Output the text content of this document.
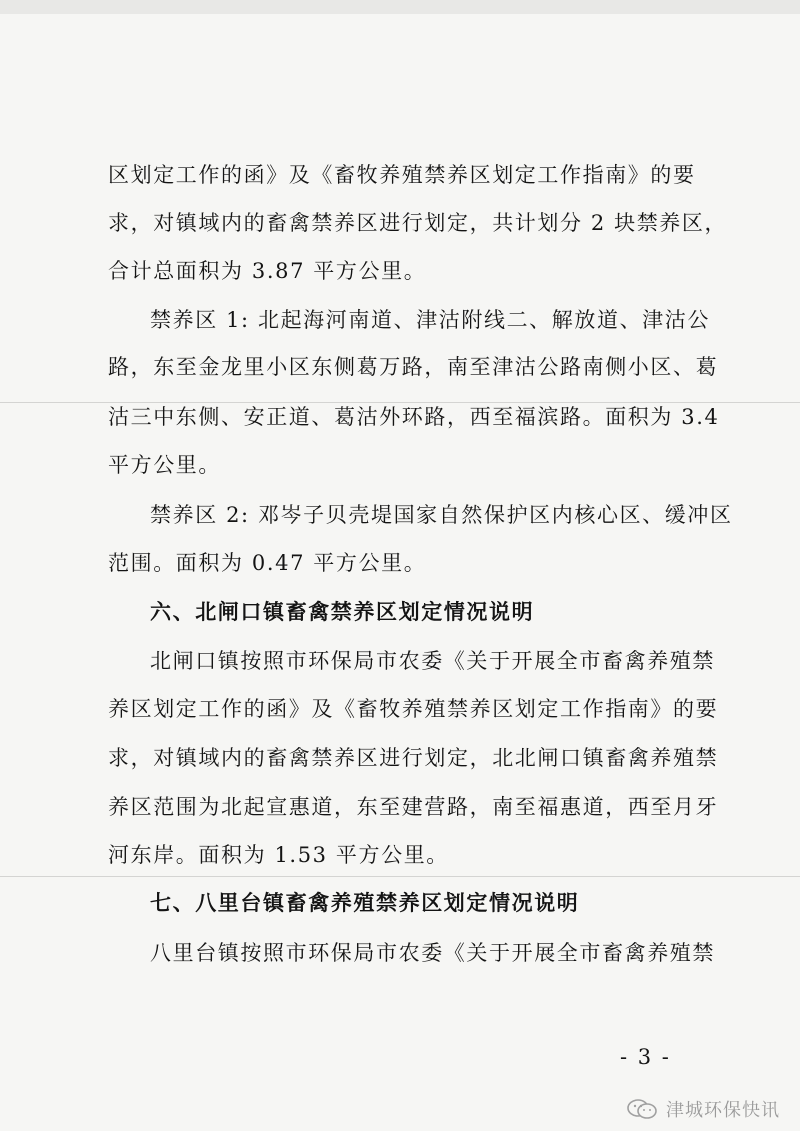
区划定工作的函》及《畜牧养殖禁养区划定工作指南》的要
求，对镇域内的畜禽禁养区进行划定，共计划分 2 块禁养区，
合计总面积为 3.87 平方公里。
禁养区 1: 北起海河南道、津沽附线二、解放道、津沽公
路，东至金龙里小区东侧葛万路，南至津沽公路南侧小区、葛
沽三中东侧、安正道、葛沽外环路，西至福滨路。面积为 3.4
平方公里。
禁养区 2: 邓岑子贝壳堤国家自然保护区内核心区、缓冲区
范围。面积为 0.47 平方公里。
六、北闸口镇畜禽禁养区划定情况说明
北闸口镇按照市环保局市农委《关于开展全市畜禽养殖禁
养区划定工作的函》及《畜牧养殖禁养区划定工作指南》的要
求，对镇域内的畜禽禁养区进行划定，北北闸口镇畜禽养殖禁
养区范围为北起宣惠道，东至建营路，南至福惠道，西至月牙
河东岸。面积为 1.53 平方公里。
七、八里台镇畜禽养殖禁养区划定情况说明
八里台镇按照市环保局市农委《关于开展全市畜禽养殖禁
- 3 -
津城环保快讯
